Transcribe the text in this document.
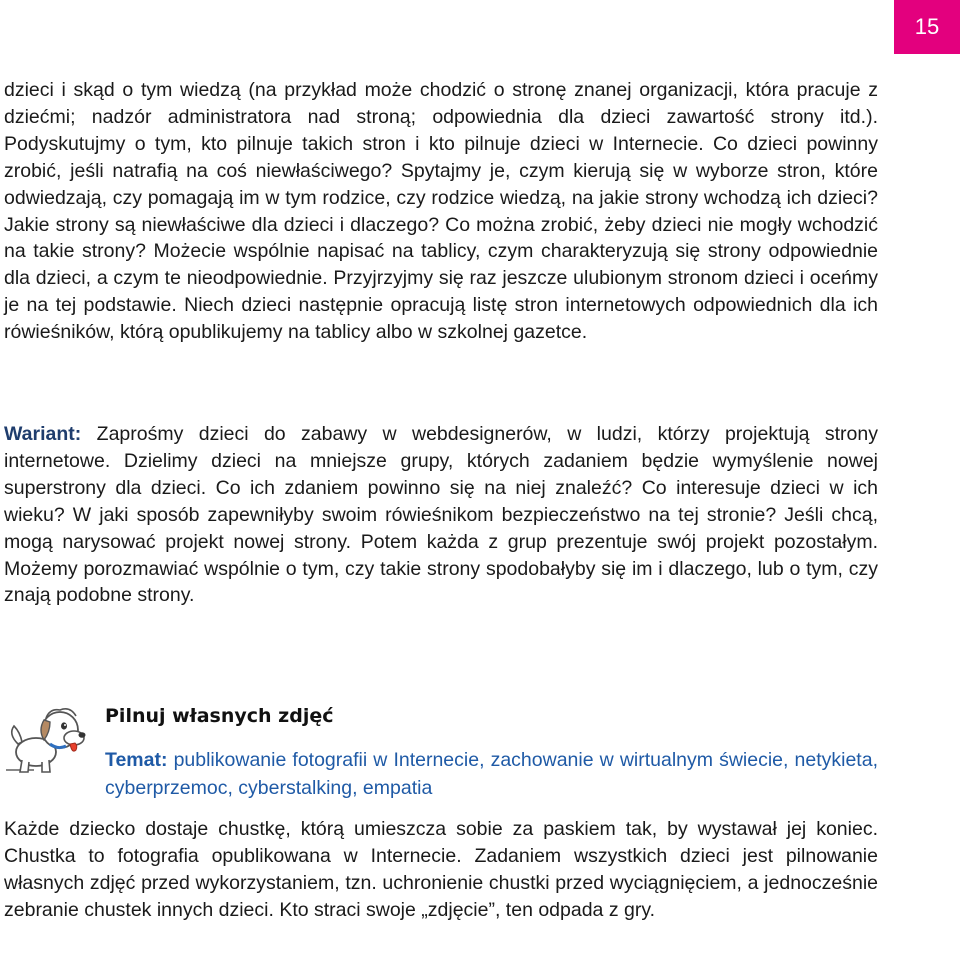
15

dzieci i skąd o tym wiedzą (na przykład może chodzić o stronę znanej organizacji, która pracuje z dziećmi; nadzór administratora nad stroną; odpowiednia dla dzieci zawartość strony itd.). Podyskutujmy o tym, kto pilnuje takich stron i kto pilnuje dzieci w Internecie. Co dzieci powinny zrobić, jeśli natrafią na coś niewłaściwego? Spytajmy je, czym kierują się w wyborze stron, które odwiedzają, czy pomagają im w tym rodzice, czy rodzice wiedzą, na jakie strony wchodzą ich dzieci? Jakie strony są niewłaściwe dla dzieci i dlaczego? Co można zrobić, żeby dzieci nie mogły wchodzić na takie strony? Możecie wspólnie napisać na tablicy, czym charakteryzują się strony odpowiednie dla dzieci, a czym te nieodpowiednie. Przyjrzyjmy się raz jeszcze ulubionym stronom dzieci i oceńmy je na tej podstawie. Niech dzieci następnie opracują listę stron internetowych odpowiednich dla ich rówieśników, którą opublikujemy na tablicy albo w szkolnej gazetce.

Wariant: Zaprośmy dzieci do zabawy w webdesignerów, w ludzi, którzy projektują strony internetowe. Dzielimy dzieci na mniejsze grupy, których zadaniem będzie wymyślenie nowej superstrony dla dzieci. Co ich zdaniem powinno się na niej znaleźć? Co interesuje dzieci w ich wieku? W jaki sposób zapewniłyby swoim rówieśnikom bezpieczeństwo na tej stronie? Jeśli chcą, mogą narysować projekt nowej strony. Potem każda z grup prezentuje swój projekt pozostałym. Możemy porozmawiać wspólnie o tym, czy takie strony spodobałyby się im i dlaczego, lub o tym, czy znają podobne strony.

Pilnuj własnych zdjęć

Temat: publikowanie fotografii w Internecie, zachowanie w wirtualnym świecie, netykieta, cyberprzemoc, cyberstalking, empatia

Każde dziecko dostaje chustkę, którą umieszcza sobie za paskiem tak, by wystawał jej koniec. Chustka to fotografia opublikowana w Internecie. Zadaniem wszystkich dzieci jest pilnowanie własnych zdjęć przed wykorzystaniem, tzn. uchronienie chustki przed wyciągnięciem, a jednocześnie zebranie chustek innych dzieci. Kto straci swoje „zdjęcie”, ten odpada z gry.
